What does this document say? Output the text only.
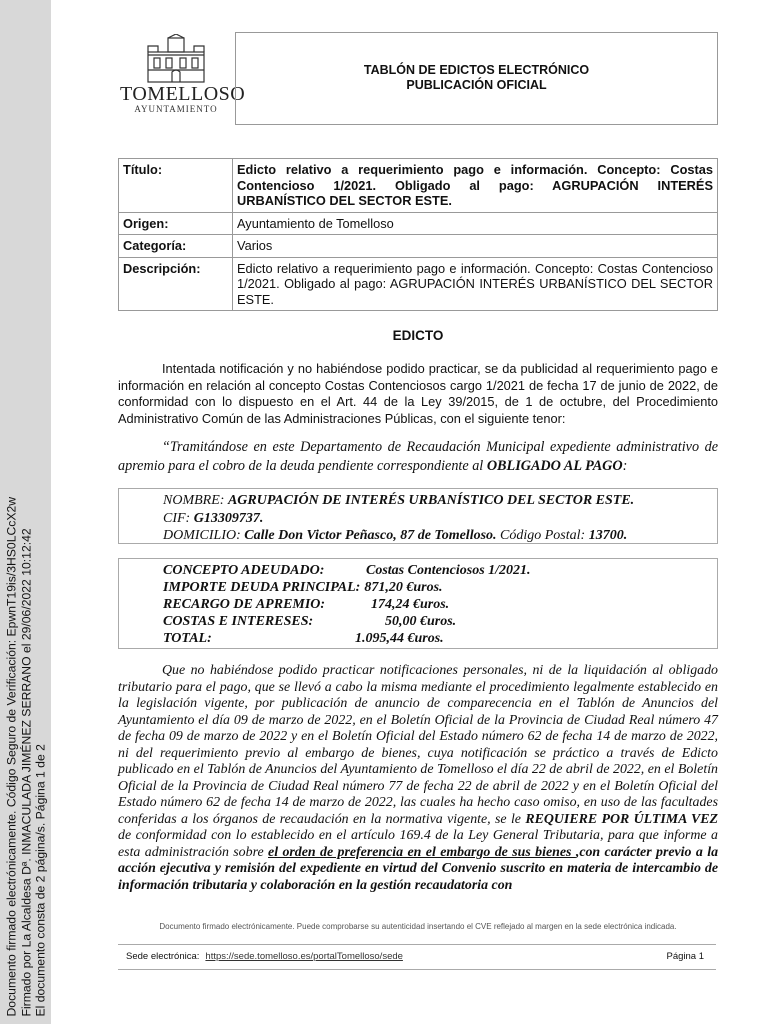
Documento firmado electrónicamente. Código Seguro de Verificación: EpwnT19is/3HS0LCcX2w Firmado por La Alcaldesa Dª. INMACULADA JIMÉNEZ SERRANO el 29/06/2022 10:12:42 El documento consta de 2 página/s. Página 1 de 2
TOMELLOSO
AYUNTAMIENTO
TABLÓN DE EDICTOS ELECTRÓNICO
PUBLICACIÓN OFICIAL
Título:	Edicto relativo a requerimiento pago e información. Concepto: Costas Contencioso 1/2021. Obligado al pago: AGRUPACIÓN INTERÉS URBANÍSTICO DEL SECTOR ESTE.
Origen:	Ayuntamiento de Tomelloso
Categoría:	Varios
Descripción:	Edicto relativo a requerimiento pago e información. Concepto: Costas Contencioso 1/2021. Obligado al pago: AGRUPACIÓN INTERÉS URBANÍSTICO DEL SECTOR ESTE.
EDICTO
Intentada notificación y no habiéndose podido practicar, se da publicidad al requerimiento pago e información en relación al concepto Costas Contenciosos cargo 1/2021 de fecha 17 de junio de 2022, de conformidad con lo dispuesto en el Art. 44 de la Ley 39/2015, de 1 de octubre, del Procedimiento Administrativo Común de las Administraciones Públicas, con el siguiente tenor:
“Tramitándose en este Departamento de Recaudación Municipal expediente administrativo de apremio para el cobro de la deuda pendiente correspondiente al OBLIGADO AL PAGO:
NOMBRE: AGRUPACIÓN DE INTERÉS URBANÍSTICO DEL SECTOR ESTE.
CIF: G13309737.
DOMICILIO: Calle Don Victor Peñasco, 87 de Tomelloso. Código Postal: 13700.
CONCEPTO ADEUDADO:	Costas Contenciosos 1/2021.
IMPORTE DEUDA PRINCIPAL: 871,20 €uros.
RECARGO DE APREMIO:	174,24 €uros.
COSTAS E INTERESES:	50,00 €uros.
TOTAL:	1.095,44 €uros.
Que no habiéndose podido practicar notificaciones personales, ni de la liquidación al obligado tributario para el pago, que se llevó a cabo la misma mediante el procedimiento legalmente establecido en la legislación vigente, por publicación de anuncio de comparecencia en el Tablón de Anuncios del Ayuntamiento el día 09 de marzo de 2022, en el Boletín Oficial de la Provincia de Ciudad Real número 47 de fecha 09 de marzo de 2022 y en el Boletín Oficial del Estado número 62 de fecha 14 de marzo de 2022, ni del requerimiento previo al embargo de bienes, cuya notificación se práctico a través de Edicto publicado en el Tablón de Anuncios del Ayuntamiento de Tomelloso el día 22 de abril de 2022, en el Boletín Oficial de la Provincia de Ciudad Real número 77 de fecha 22 de abril de 2022 y en el Boletín Oficial del Estado número 62 de fecha 14 de marzo de 2022, las cuales ha hecho caso omiso, en uso de las facultades conferidas a los órganos de recaudación en la normativa vigente, se le REQUIERE POR ÚLTIMA VEZ de conformidad con lo establecido en el artículo 169.4 de la Ley General Tributaria, para que informe a esta administración sobre el orden de preferencia en el embargo de sus bienes ,con carácter previo a la acción ejecutiva y remisión del expediente en virtud del Convenio suscrito en materia de intercambio de información tributaria y colaboración en la gestión recaudatoria con
Documento firmado electrónicamente. Puede comprobarse su autenticidad insertando el CVE reflejado al margen en la sede electrónica indicada.
Sede electrónica: https://sede.tomelloso.es/portalTomelloso/sede	Página 1
